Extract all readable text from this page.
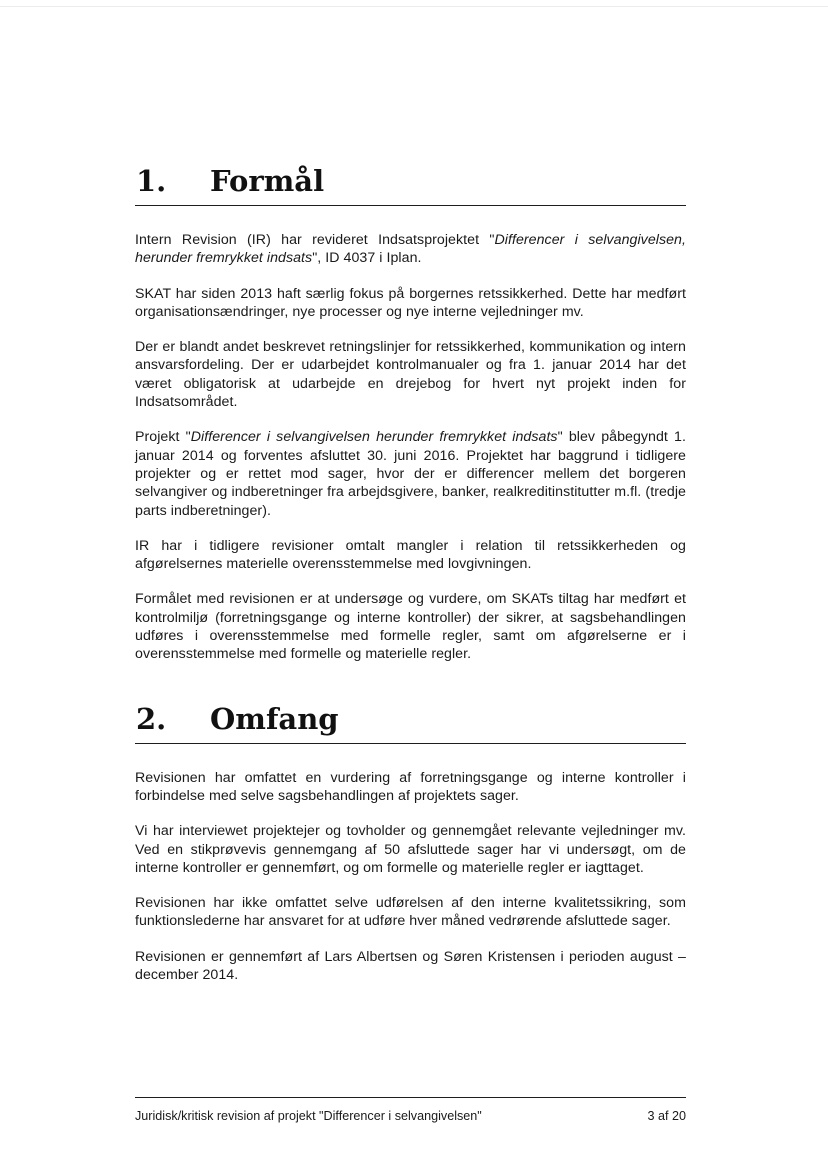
1.	Formål

Intern Revision (IR) har revideret Indsatsprojektet "Differencer i selvangivelsen, herunder fremrykket indsats", ID 4037 i Iplan.

SKAT har siden 2013 haft særlig fokus på borgernes retssikkerhed. Dette har medført organisationsændringer, nye processer og nye interne vejledninger mv.

Der er blandt andet beskrevet retningslinjer for retssikkerhed, kommunikation og intern ansvarsfordeling. Der er udarbejdet kontrolmanualer og fra 1. januar 2014 har det været obligatorisk at udarbejde en drejebog for hvert nyt projekt inden for Indsatsområdet.

Projekt "Differencer i selvangivelsen herunder fremrykket indsats" blev påbegyndt 1. januar 2014 og forventes afsluttet 30. juni 2016. Projektet har baggrund i tidligere projekter og er rettet mod sager, hvor der er differencer mellem det borgeren selvangiver og indberetninger fra arbejdsgivere, banker, realkreditinstitutter m.fl. (tredje parts indberetninger).

IR har i tidligere revisioner omtalt mangler i relation til retssikkerheden og afgørelsernes materielle overensstemmelse med lovgivningen.

Formålet med revisionen er at undersøge og vurdere, om SKATs tiltag har medført et kontrolmiljø (forretningsgange og interne kontroller) der sikrer, at sagsbehandlingen udføres i overensstemmelse med formelle regler, samt om afgørelserne er i overensstemmelse med formelle og materielle regler.

2.	Omfang

Revisionen har omfattet en vurdering af forretningsgange og interne kontroller i forbindelse med selve sagsbehandlingen af projektets sager.

Vi har interviewet projektejer og tovholder og gennemgået relevante vejledninger mv. Ved en stikprøvevis gennemgang af 50 afsluttede sager har vi undersøgt, om de interne kontroller er gennemført, og om formelle og materielle regler er iagttaget.

Revisionen har ikke omfattet selve udførelsen af den interne kvalitetssikring, som funktionslederne har ansvaret for at udføre hver måned vedrørende afsluttede sager.

Revisionen er gennemført af Lars Albertsen og Søren Kristensen i perioden august – december 2014.

Juridisk/kritisk revision af projekt "Differencer i selvangivelsen"	3 af 20
